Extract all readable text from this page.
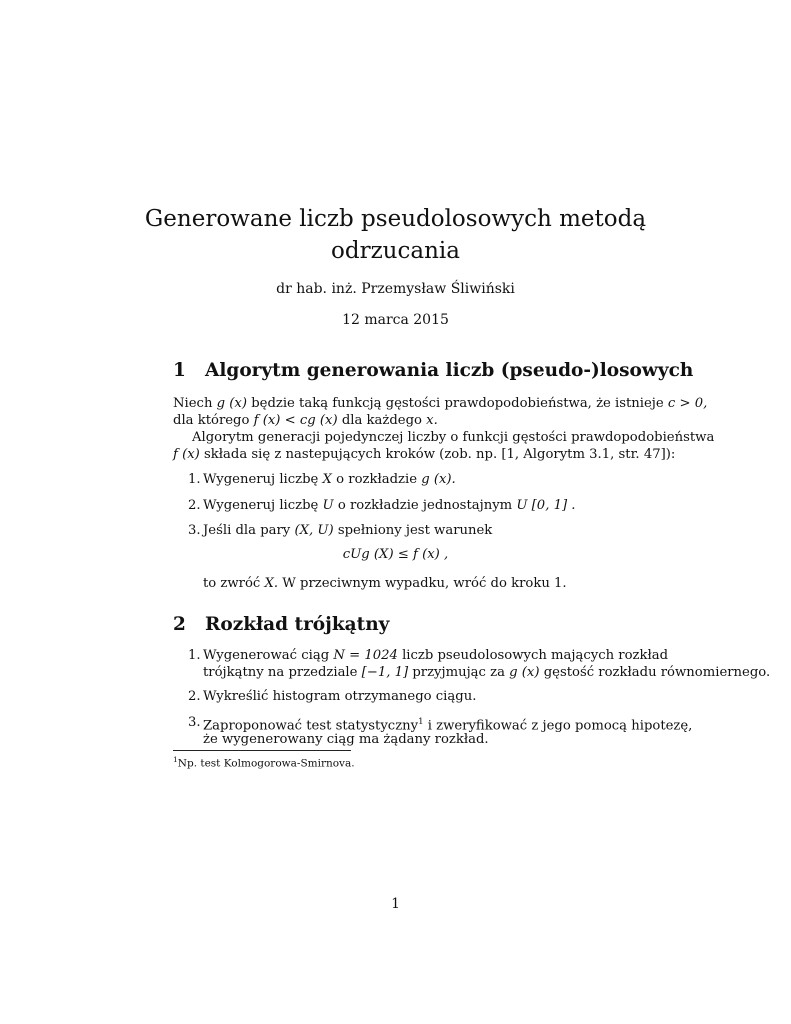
Generowane liczb pseudolosowych metodą
odrzucania
dr hab. inż. Przemysław Śliwiński
12 marca 2015
1 Algorytm generowania liczb (pseudo-)losowych
Niech g (x) będzie taką funkcją gęstości prawdopodobieństwa, że istnieje c > 0,
dla którego f (x) < cg (x) dla każdego x.
Algorytm generacji pojedynczej liczby o funkcji gęstości prawdopodobieństwa
f (x) składa się z nastepujących kroków (zob. np. [1, Algorytm 3.1, str. 47]):
1. Wygeneruj liczbę X o rozkładzie g (x).
2. Wygeneruj liczbę U o rozkładzie jednostajnym U [0, 1] .
3. Jeśli dla pary (X, U) spełniony jest warunek
cUg (X) ≤ f (x) ,
to zwróć X. W przeciwnym wypadku, wróć do kroku 1.
2 Rozkład trójkątny
1. Wygenerować ciąg N = 1024 liczb pseudolosowych mających rozkład
trójkątny na przedziale [−1, 1] przyjmując za g (x) gęstość rozkładu równomiernego.
2. Wykreślić histogram otrzymanego ciągu.
3. Zaproponować test statystyczny$^1$ i zweryfikować z jego pomocą hipotezę,
że wygenerowany ciąg ma żądany rozkład.
$^1$Np. test Kolmogorowa-Smirnova.
1
